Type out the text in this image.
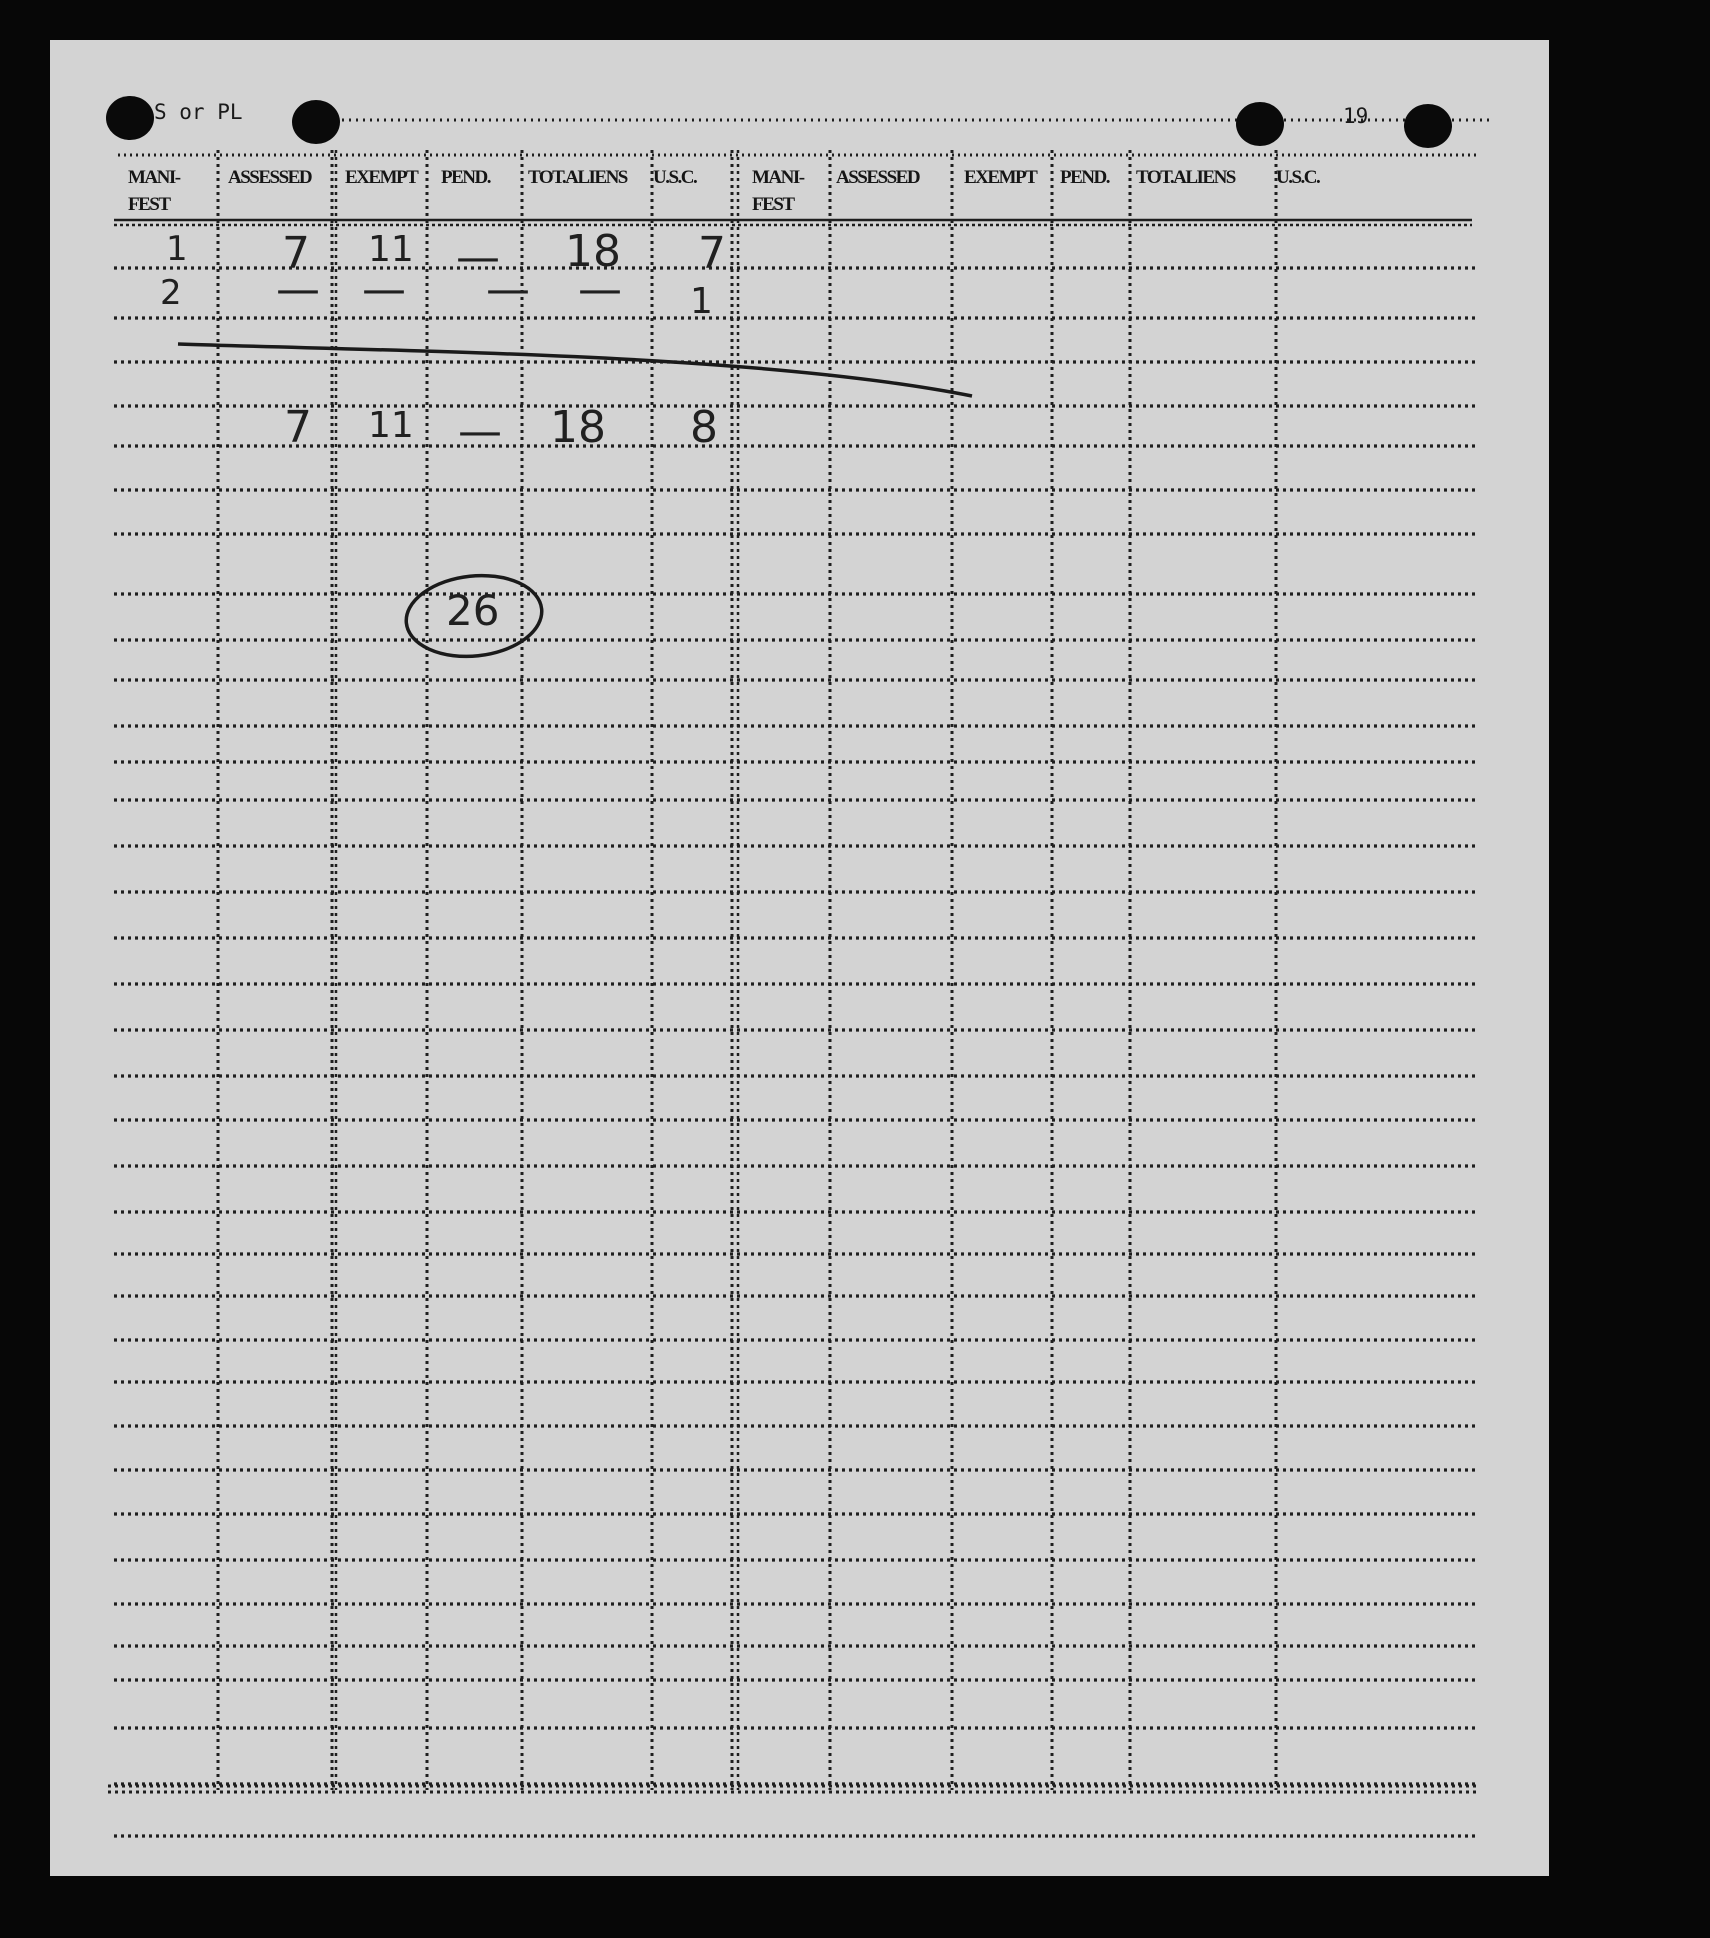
S or PL	19
MANI-
FEST
ASSESSED EXEMPT PEND. TOT.ALIENS U.S.C.	MANI-
FEST
ASSESSED EXEMPT PEND. TOT.ALIENS U.S.C.
1 7 11 — 18 7
2 — — — — 1
7 11 — 18 8
26
